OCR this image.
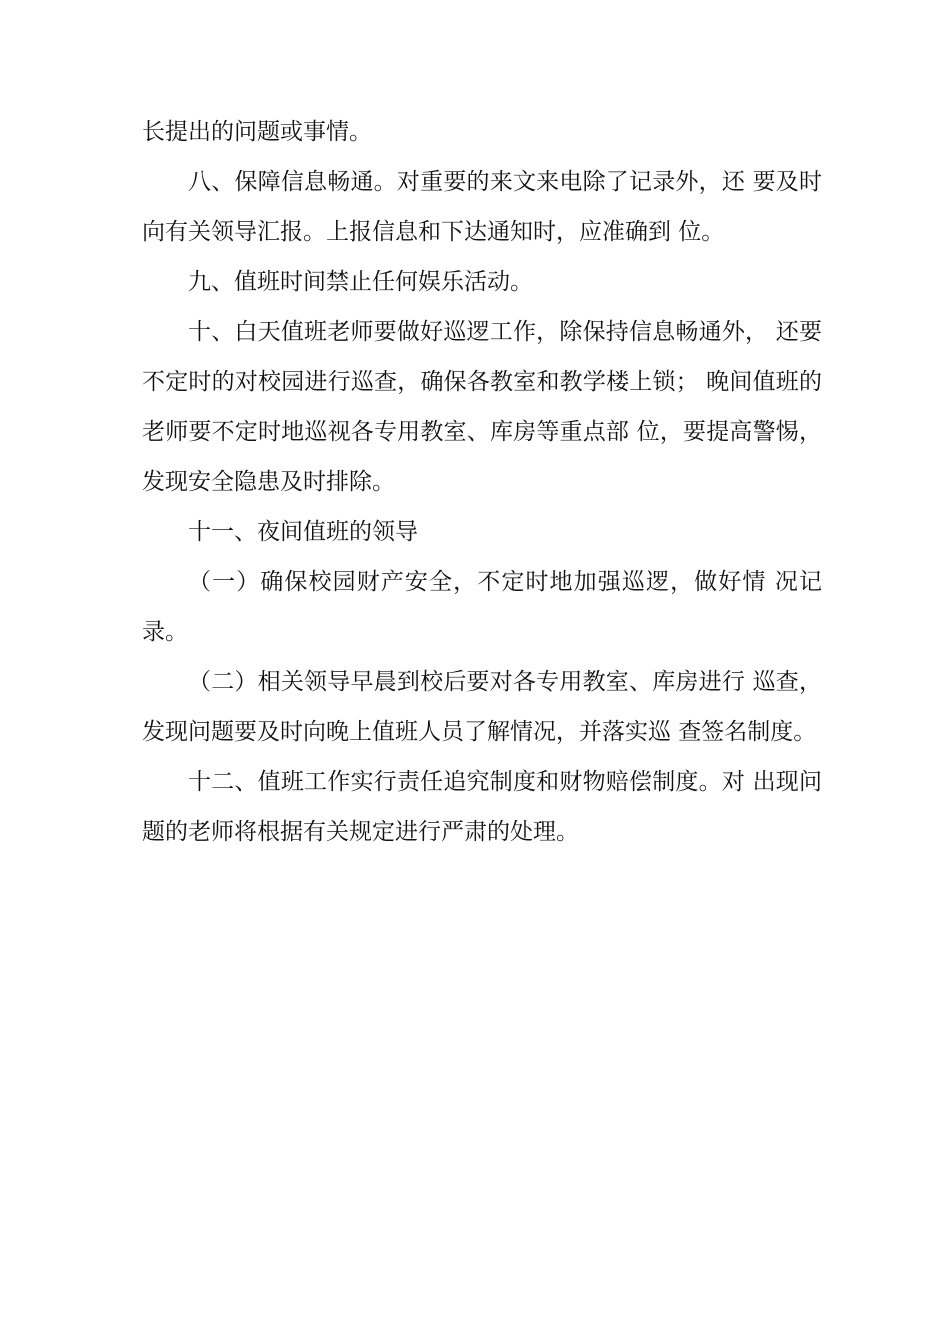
长提出的问题或事情。

八、保障信息畅通。对重要的来文来电除了记录外，还 要及时向有关领导汇报。上报信息和下达通知时，应准确到 位。

九、值班时间禁止任何娱乐活动。

十、白天值班老师要做好巡逻工作，除保持信息畅通外， 还要不定时的对校园进行巡查，确保各教室和教学楼上锁； 晚间值班的老师要不定时地巡视各专用教室、库房等重点部 位，要提高警惕，发现安全隐患及时排除。

十一、夜间值班的领导

（一）确保校园财产安全，不定时地加强巡逻，做好情 况记录。

（二）相关领导早晨到校后要对各专用教室、库房进行 巡查，发现问题要及时向晚上值班人员了解情况，并落实巡 查签名制度。

十二、值班工作实行责任追究制度和财物赔偿制度。对 出现问题的老师将根据有关规定进行严肃的处理。
